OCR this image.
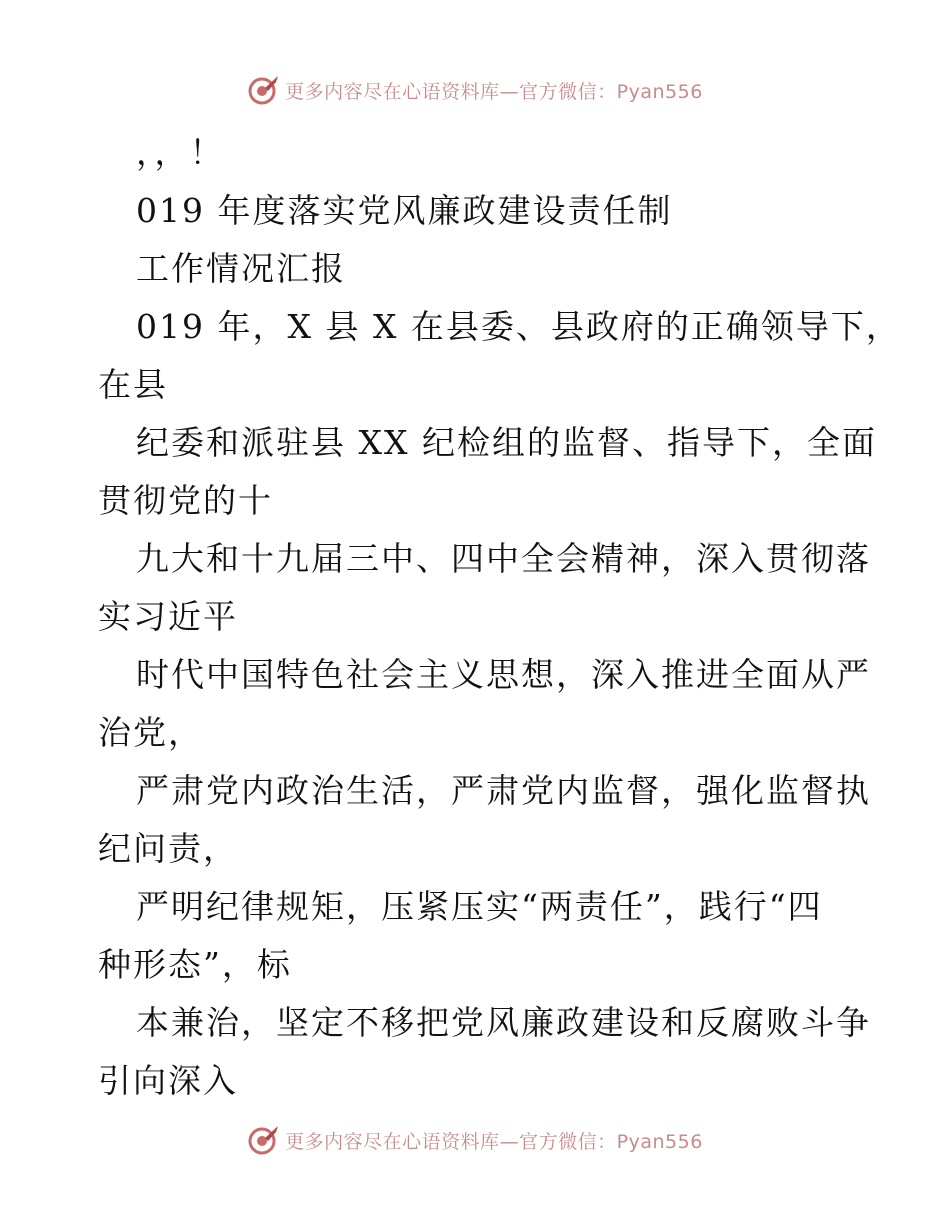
更多内容尽在心语资料库—官方微信：Pyan556
，，！
019 年度落实党风廉政建设责任制
工作情况汇报
019 年，X 县 X 在县委、县政府的正确领导下，
在县
纪委和派驻县 XX 纪检组的监督、指导下，全面
贯彻党的十
九大和十九届三中、四中全会精神，深入贯彻落
实习近平
时代中国特色社会主义思想，深入推进全面从严
治党，
严肃党内政治生活，严肃党内监督，强化监督执
纪问责，
严明纪律规矩，压紧压实“两责任”，践行“四
种形态”，标
本兼治，坚定不移把党风廉政建设和反腐败斗争
引向深入
更多内容尽在心语资料库—官方微信：Pyan556
